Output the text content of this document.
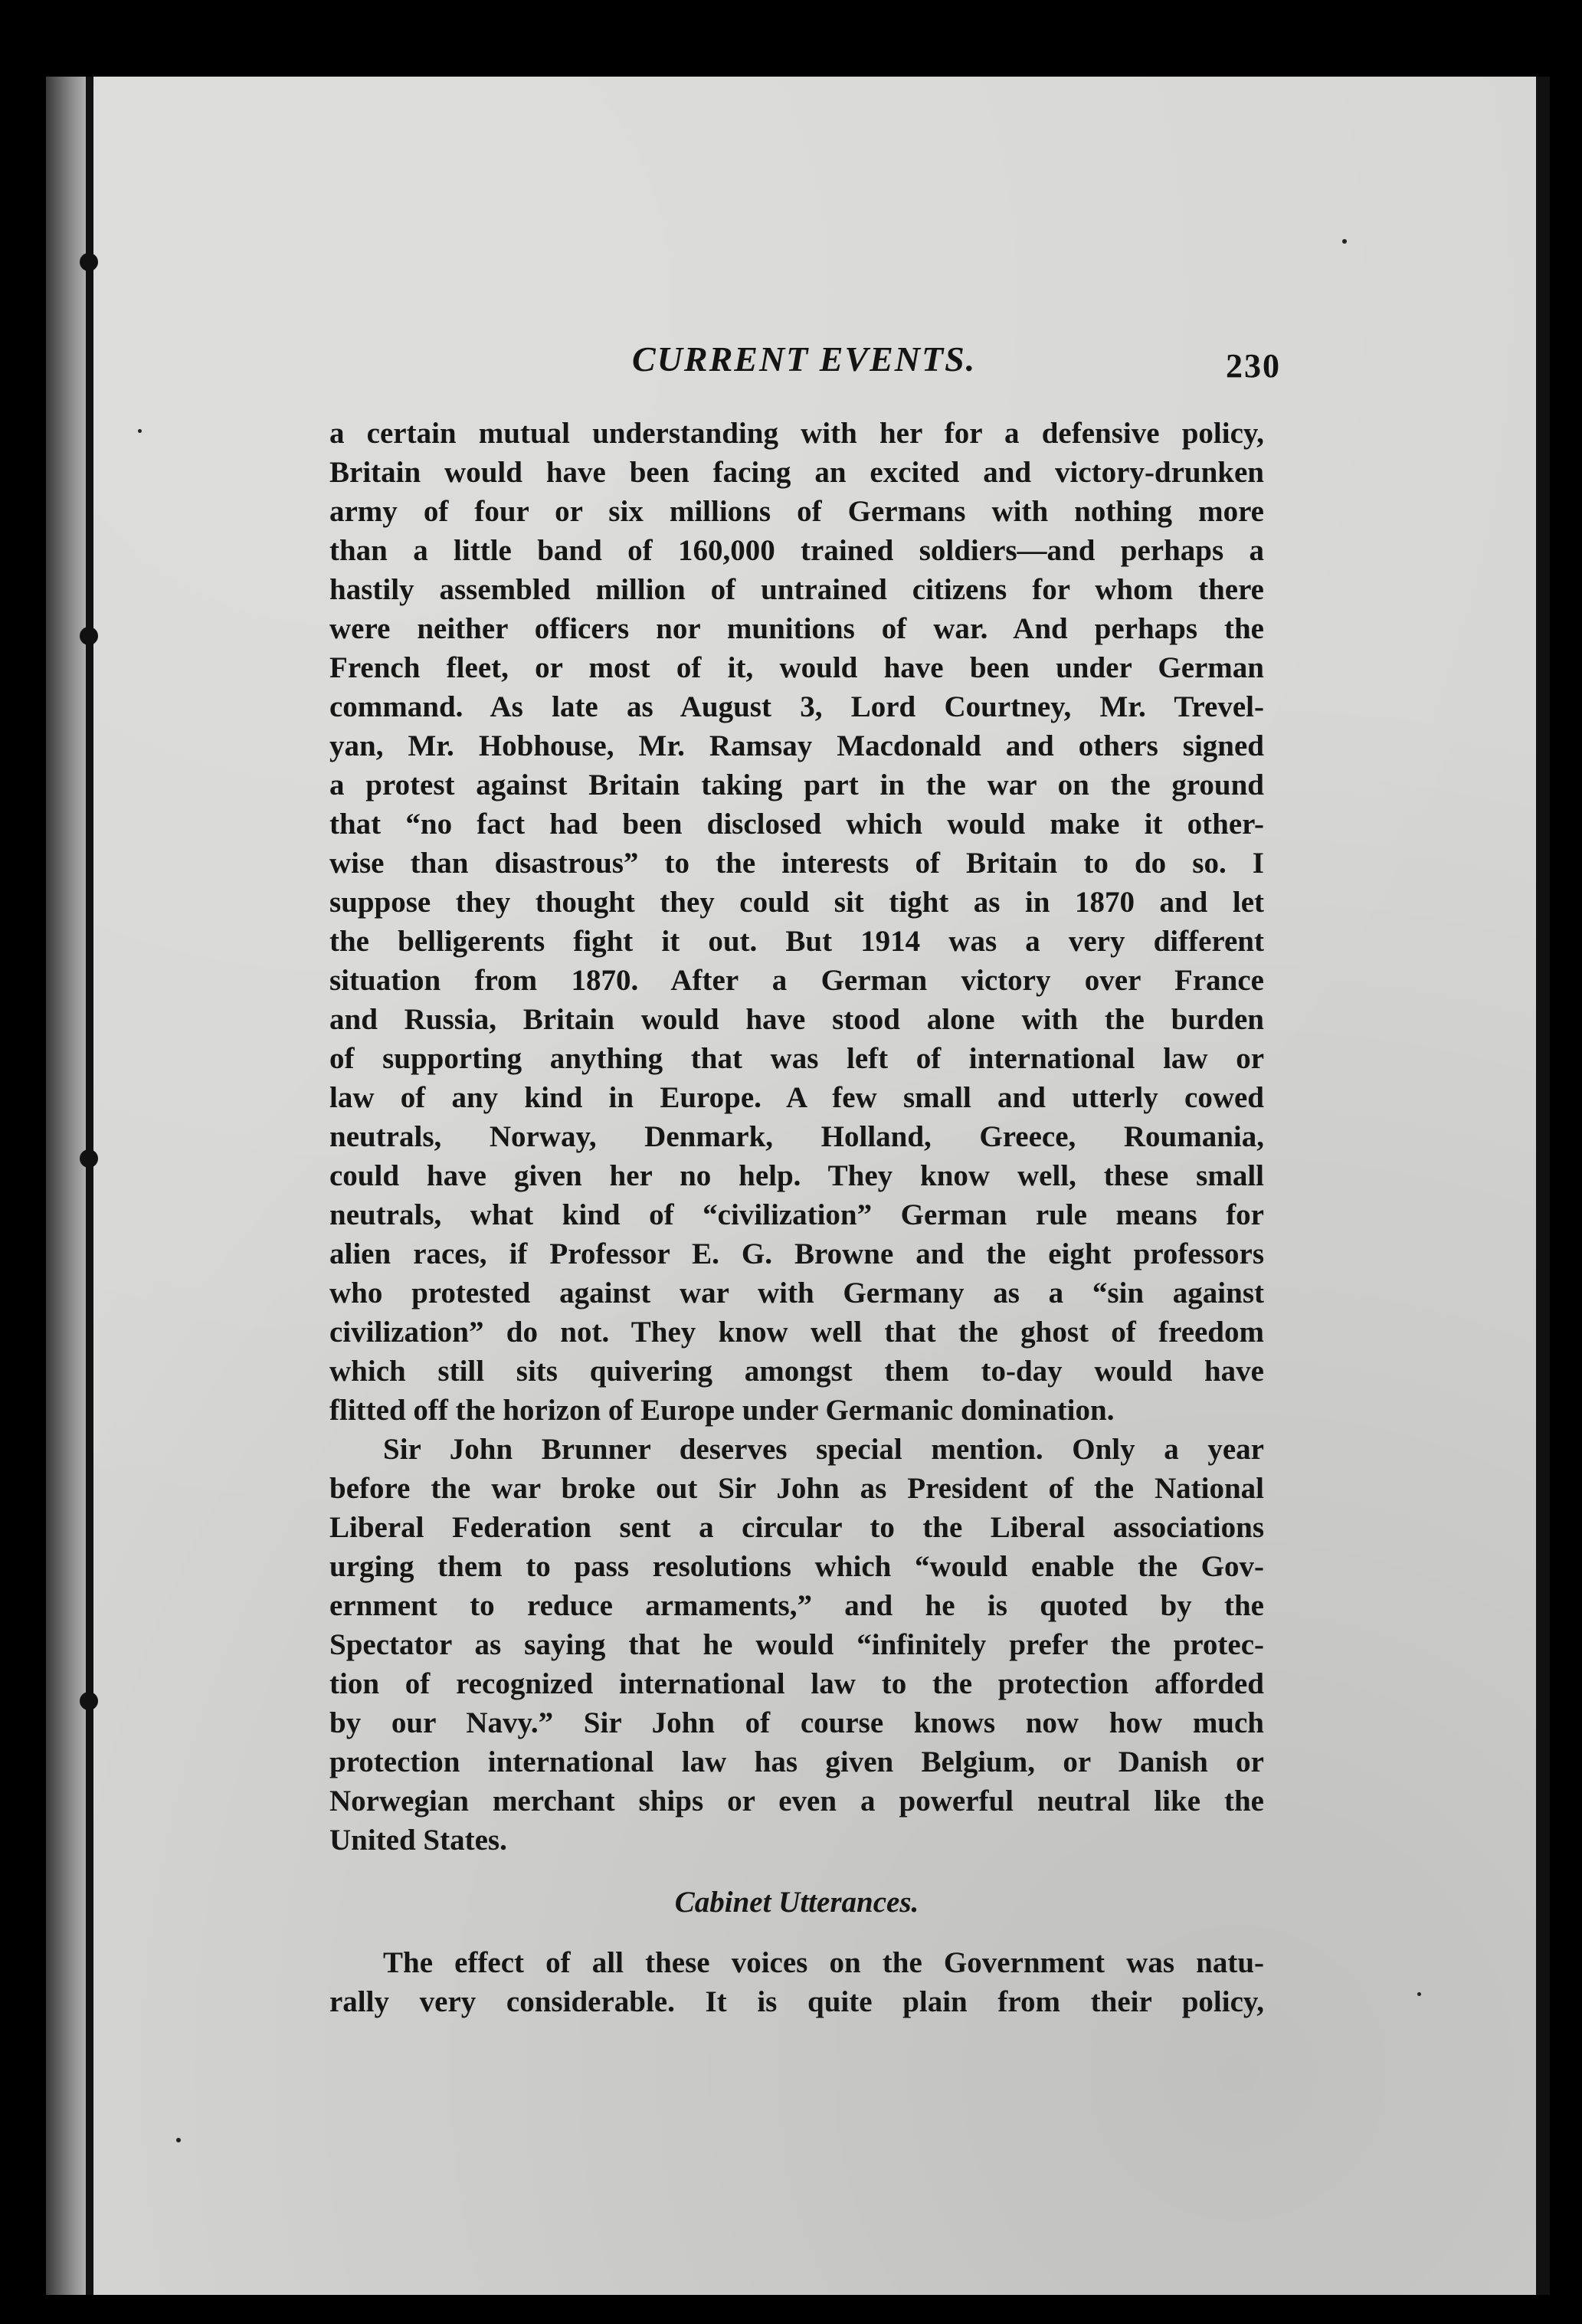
CURRENT EVENTS.	230
a certain mutual understanding with her for a defensive policy,
Britain would have been facing an excited and victory-drunken
army of four or six millions of Germans with nothing more
than a little band of 160,000 trained soldiers—and perhaps a
hastily assembled million of untrained citizens for whom there
were neither officers nor munitions of war. And perhaps the
French fleet, or most of it, would have been under German
command. As late as August 3, Lord Courtney, Mr. Trevel-
yan, Mr. Hobhouse, Mr. Ramsay Macdonald and others signed
a protest against Britain taking part in the war on the ground
that “no fact had been disclosed which would make it other-
wise than disastrous” to the interests of Britain to do so. I
suppose they thought they could sit tight as in 1870 and let
the belligerents fight it out. But 1914 was a very different
situation from 1870. After a German victory over France
and Russia, Britain would have stood alone with the burden
of supporting anything that was left of international law or
law of any kind in Europe. A few small and utterly cowed
neutrals, Norway, Denmark, Holland, Greece, Roumania,
could have given her no help. They know well, these small
neutrals, what kind of “civilization” German rule means for
alien races, if Professor E. G. Browne and the eight professors
who protested against war with Germany as a “sin against
civilization” do not. They know well that the ghost of freedom
which still sits quivering amongst them to-day would have
flitted off the horizon of Europe under Germanic domination.
Sir John Brunner deserves special mention. Only a year
before the war broke out Sir John as President of the National
Liberal Federation sent a circular to the Liberal associations
urging them to pass resolutions which “would enable the Gov-
ernment to reduce armaments,” and he is quoted by the
Spectator as saying that he would “infinitely prefer the protec-
tion of recognized international law to the protection afforded
by our Navy.” Sir John of course knows now how much
protection international law has given Belgium, or Danish or
Norwegian merchant ships or even a powerful neutral like the
United States.
Cabinet Utterances.
The effect of all these voices on the Government was natu-
rally very considerable. It is quite plain from their policy,
